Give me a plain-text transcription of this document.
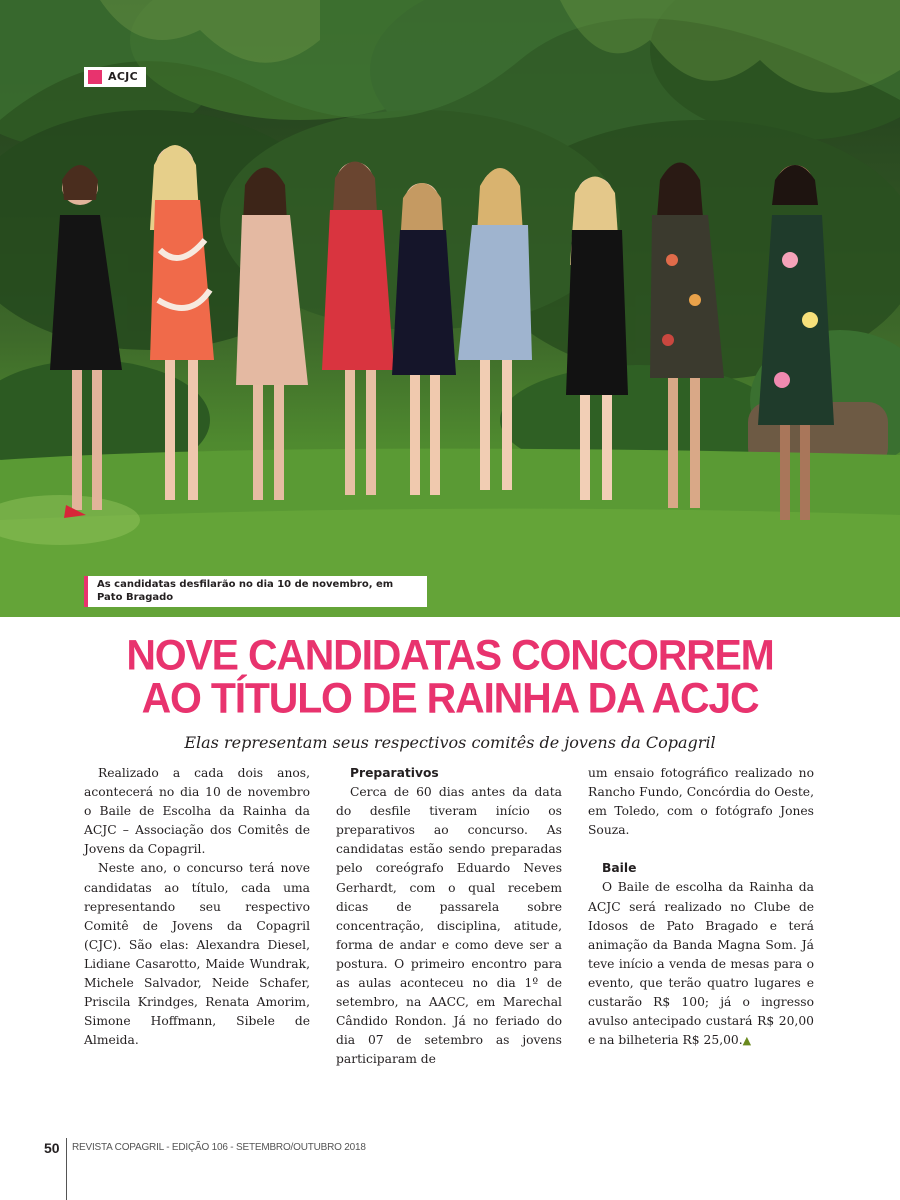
ACJC
As candidatas desfilarão no dia 10 de novembro, em Pato Bragado
NOVE CANDIDATAS CONCORREM
AO TÍTULO DE RAINHA DA ACJC
Elas representam seus respectivos comitês de jovens da Copagril

Realizado a cada dois anos, acontecerá no dia 10 de novembro o Baile de Escolha da Rainha da ACJC – Associação dos Comitês de Jovens da Copagril.

Neste ano, o concurso terá nove candidatas ao título, cada uma representando seu respectivo Comitê de Jovens da Copagril (CJC). São elas: Alexandra Diesel, Lidiane Casarotto, Maide Wundrak, Michele Salvador, Neide Schafer, Priscila Krindges, Renata Amorim, Simone Hoffmann, Sibele de Almeida.

Preparativos

Cerca de 60 dias antes da data do desfile tiveram início os preparativos ao concurso. As candidatas estão sendo preparadas pelo coreógrafo Eduardo Neves Gerhardt, com o qual recebem dicas de passarela sobre concentração, disciplina, atitude, forma de andar e como deve ser a postura. O primeiro encontro para as aulas aconteceu no dia 1º de setembro, na AACC, em Marechal Cândido Rondon. Já no feriado do dia 07 de setembro as jovens participaram de

um ensaio fotográfico realizado no Rancho Fundo, Concórdia do Oeste, em Toledo, com o fotógrafo Jones Souza.

Baile

O Baile de escolha da Rainha da ACJC será realizado no Clube de Idosos de Pato Bragado e terá animação da Banda Magna Som. Já teve início a venda de mesas para o evento, que terão quatro lugares e custarão R$ 100; já o ingresso avulso antecipado custará R$ 20,00 e na bilheteria R$ 25,00.▲

50 REVISTA COPAGRIL - EDIÇÃO 106 - SETEMBRO/OUTUBRO 2018
